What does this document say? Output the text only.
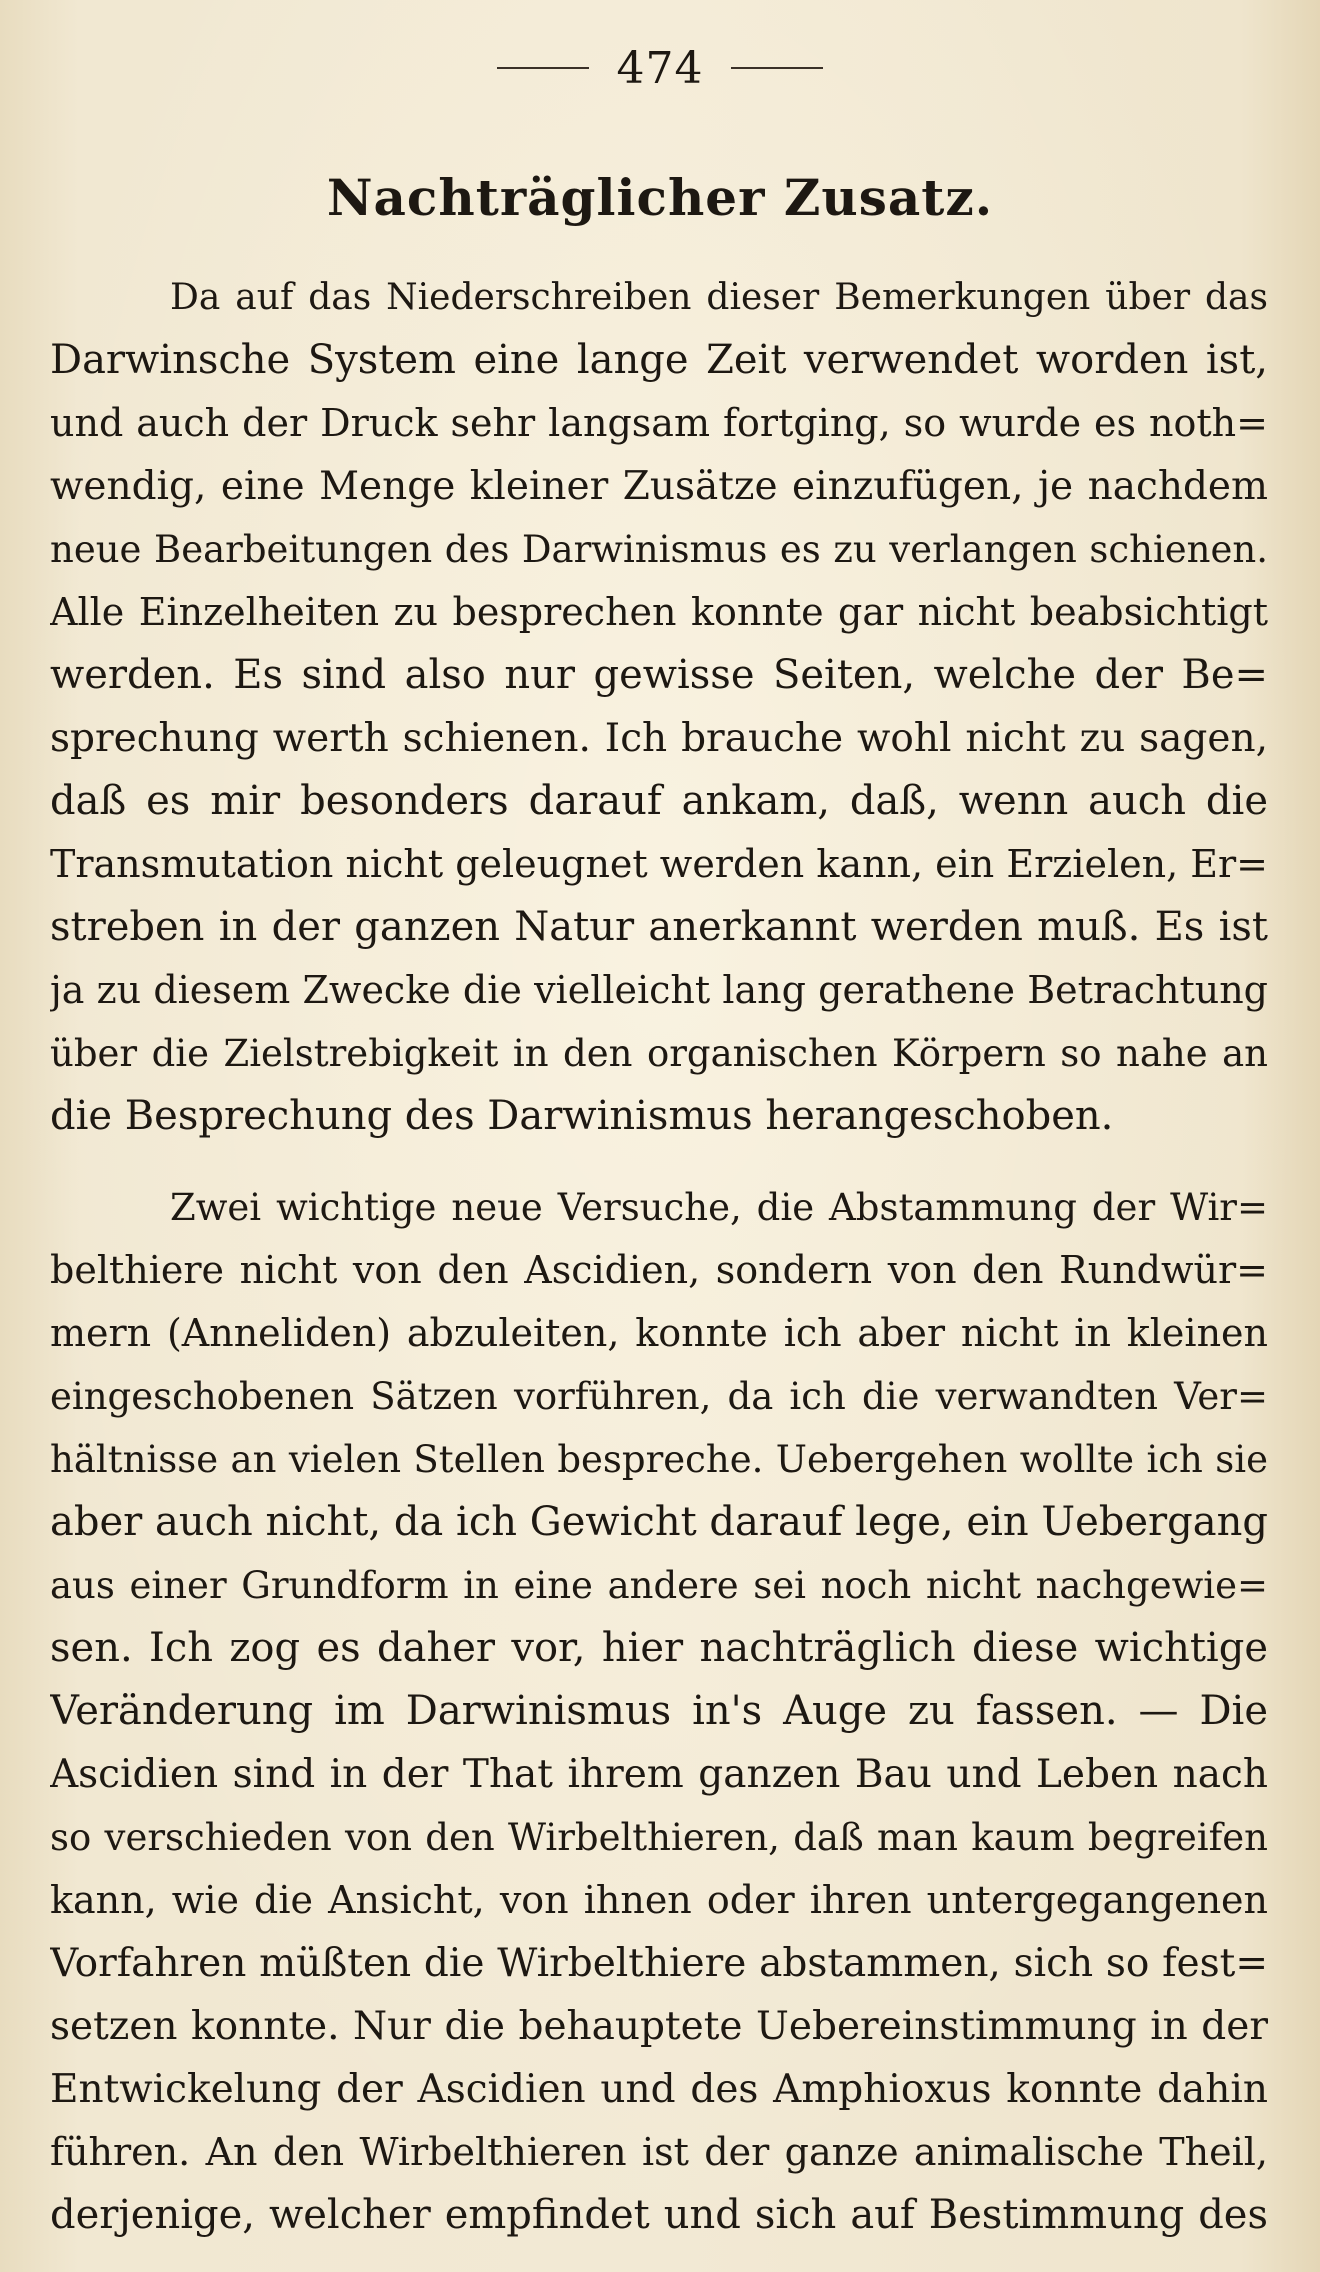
474
Nachträglicher Zusatz.
Da auf das Niederschreiben dieser Bemerkungen über das
Darwinsche System eine lange Zeit verwendet worden ist,
und auch der Druck sehr langsam fortging, so wurde es noth=
wendig, eine Menge kleiner Zusätze einzufügen, je nachdem
neue Bearbeitungen des Darwinismus es zu verlangen schienen.
Alle Einzelheiten zu besprechen konnte gar nicht beabsichtigt
werden. Es sind also nur gewisse Seiten, welche der Be=
sprechung werth schienen. Ich brauche wohl nicht zu sagen,
daß es mir besonders darauf ankam, daß, wenn auch die
Transmutation nicht geleugnet werden kann, ein Erzielen, Er=
streben in der ganzen Natur anerkannt werden muß. Es ist
ja zu diesem Zwecke die vielleicht lang gerathene Betrachtung
über die Zielstrebigkeit in den organischen Körpern so nahe an
die Besprechung des Darwinismus herangeschoben.
Zwei wichtige neue Versuche, die Abstammung der Wir=
belthiere nicht von den Ascidien, sondern von den Rundwür=
mern (Anneliden) abzuleiten, konnte ich aber nicht in kleinen
eingeschobenen Sätzen vorführen, da ich die verwandten Ver=
hältnisse an vielen Stellen bespreche. Uebergehen wollte ich sie
aber auch nicht, da ich Gewicht darauf lege, ein Uebergang
aus einer Grundform in eine andere sei noch nicht nachgewie=
sen. Ich zog es daher vor, hier nachträglich diese wichtige
Veränderung im Darwinismus in's Auge zu fassen. — Die
Ascidien sind in der That ihrem ganzen Bau und Leben nach
so verschieden von den Wirbelthieren, daß man kaum begreifen
kann, wie die Ansicht, von ihnen oder ihren untergegangenen
Vorfahren müßten die Wirbelthiere abstammen, sich so fest=
setzen konnte. Nur die behauptete Uebereinstimmung in der
Entwickelung der Ascidien und des Amphioxus konnte dahin
führen. An den Wirbelthieren ist der ganze animalische Theil,
derjenige, welcher empfindet und sich auf Bestimmung des
